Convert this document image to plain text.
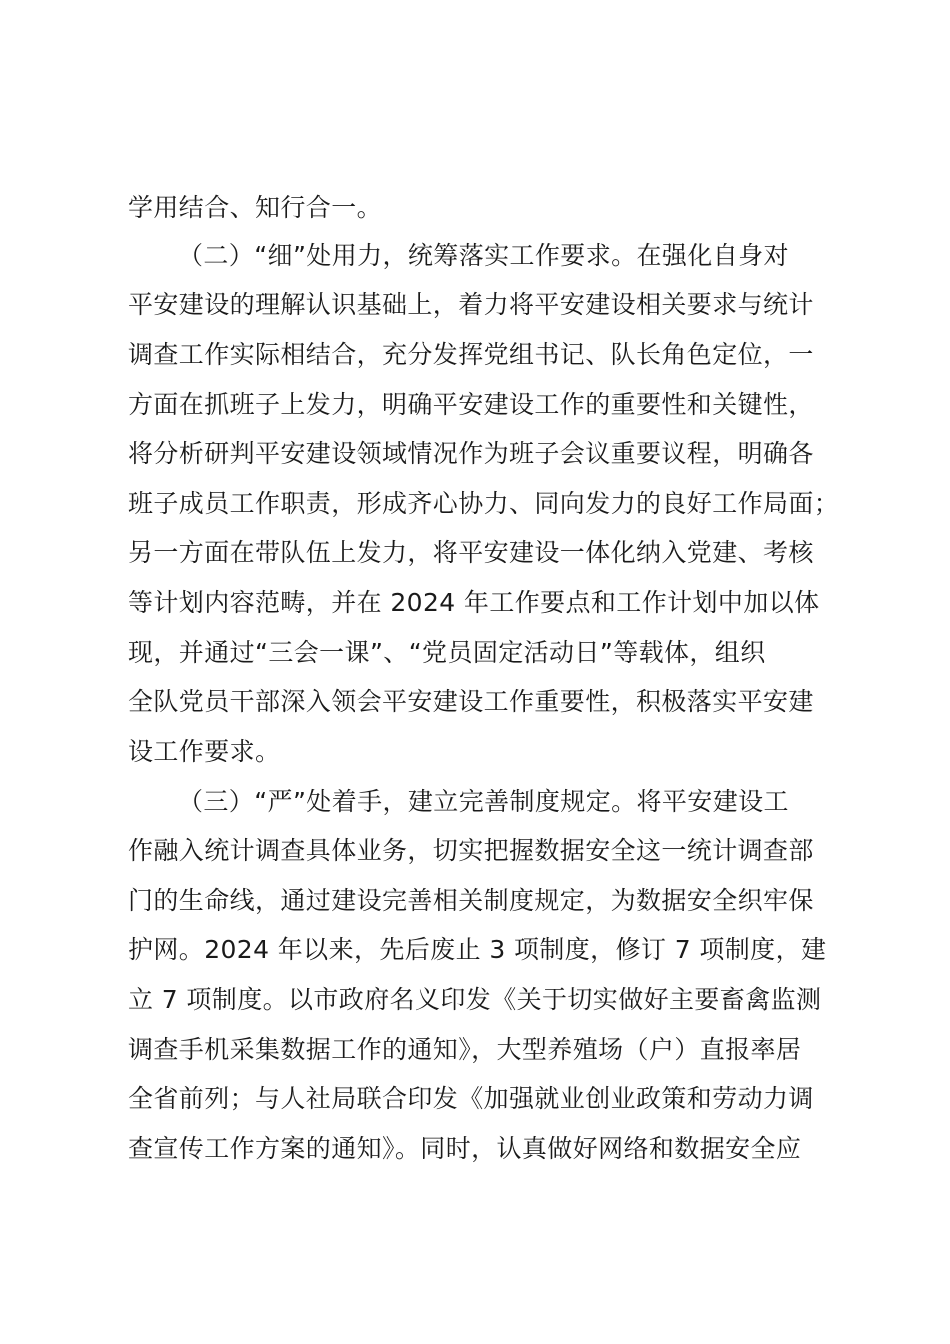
学用结合、知行合一。
（二）“细”处用力，统筹落实工作要求。在强化自身对
平安建设的理解认识基础上，着力将平安建设相关要求与统计
调查工作实际相结合，充分发挥党组书记、队长角色定位，一
方面在抓班子上发力，明确平安建设工作的重要性和关键性，
将分析研判平安建设领域情况作为班子会议重要议程，明确各
班子成员工作职责，形成齐心协力、同向发力的良好工作局面；
另一方面在带队伍上发力，将平安建设一体化纳入党建、考核
等计划内容范畴，并在 2024 年工作要点和工作计划中加以体
现，并通过“三会一课”、“党员固定活动日”等载体，组织
全队党员干部深入领会平安建设工作重要性，积极落实平安建
设工作要求。
（三）“严”处着手，建立完善制度规定。将平安建设工
作融入统计调查具体业务，切实把握数据安全这一统计调查部
门的生命线，通过建设完善相关制度规定，为数据安全织牢保
护网。2024 年以来，先后废止 3 项制度，修订 7 项制度，建
立 7 项制度。以市政府名义印发《关于切实做好主要畜禽监测
调查手机采集数据工作的通知》，大型养殖场（户）直报率居
全省前列；与人社局联合印发《加强就业创业政策和劳动力调
查宣传工作方案的通知》。同时，认真做好网络和数据安全应
